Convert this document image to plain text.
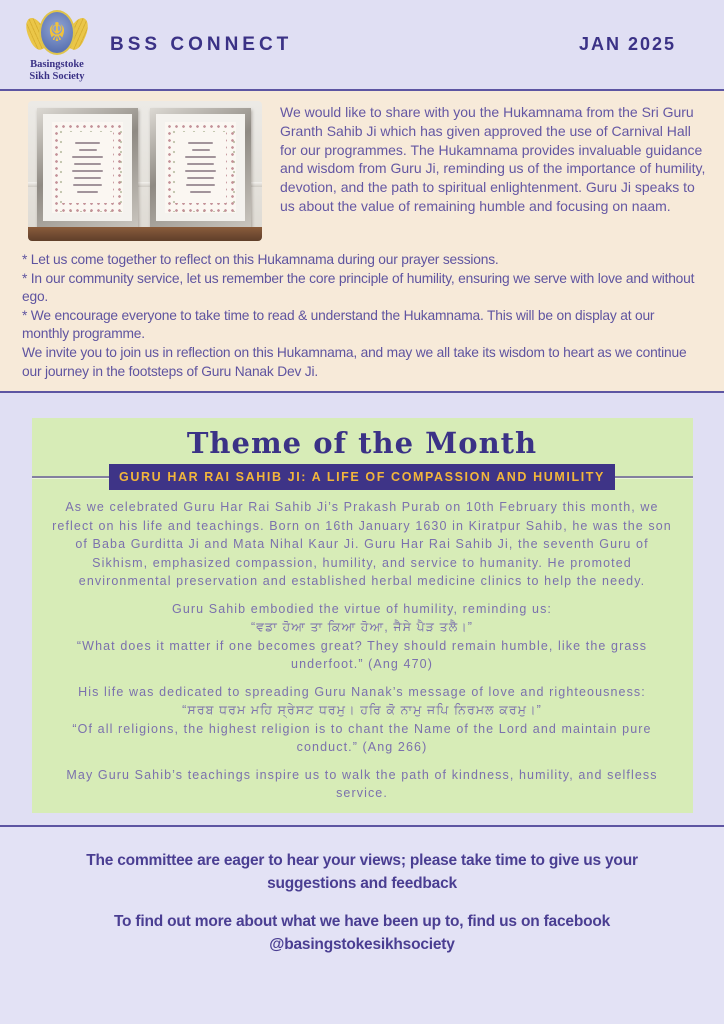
☬
Basingstoke
Sikh Society
BSS CONNECT	JAN 2025
We would like to share with you the Hukamnama from the Sri Guru Granth Sahib Ji which has given approved the use of Carnival Hall for our programmes. The Hukamnama provides invaluable guidance and wisdom from Guru Ji, reminding us of the importance of humility, devotion, and the path to spiritual enlightenment. Guru Ji speaks to us about the value of remaining humble and focusing on naam.

* Let us come together to reflect on this Hukamnama during our prayer sessions.

* In our community service, let us remember the core principle of humility, ensuring we serve with love and without ego.

* We encourage everyone to take time to read & understand the Hukamnama. This will be on display at our monthly programme.

We invite you to join us in reflection on this Hukamnama, and may we all take its wisdom to heart as we continue our journey in the footsteps of Guru Nanak Dev Ji.

Theme of the Month
GURU HAR RAI SAHIB JI: A LIFE OF COMPASSION AND HUMILITY

As we celebrated Guru Har Rai Sahib Ji’s Prakash Purab on 10th February this month, we reflect on his life and teachings. Born on 16th January 1630 in Kiratpur Sahib, he was the son of Baba Gurditta Ji and Mata Nihal Kaur Ji. Guru Har Rai Sahib Ji, the seventh Guru of Sikhism, emphasized compassion, humility, and service to humanity. He promoted environmental preservation and established herbal medicine clinics to help the needy.

Guru Sahib embodied the virtue of humility, reminding us:
“ਵਡਾ ਹੋਆ ਤਾ ਕਿਆ ਹੋਆ, ਜੈਸੇ ਪੈੜ ਤਲੈ।”
“What does it matter if one becomes great? They should remain humble, like the grass underfoot.” (Ang 470)

His life was dedicated to spreading Guru Nanak’s message of love and righteousness:
“ਸਰਬ ਧਰਮ ਮਹਿ ਸ੍ਰੇਸਟ ਧਰਮੁ। ਹਰਿ ਕੋ ਨਾਮੁ ਜਪਿ ਨਿਰਮਲ ਕਰਮੁ।”
“Of all religions, the highest religion is to chant the Name of the Lord and maintain pure conduct.” (Ang 266)

May Guru Sahib’s teachings inspire us to walk the path of kindness, humility, and selfless service.

The committee are eager to hear your views; please take time to give us your suggestions and feedback

To find out more about what we have been up to, find us on facebook @basingstokesikhsociety
